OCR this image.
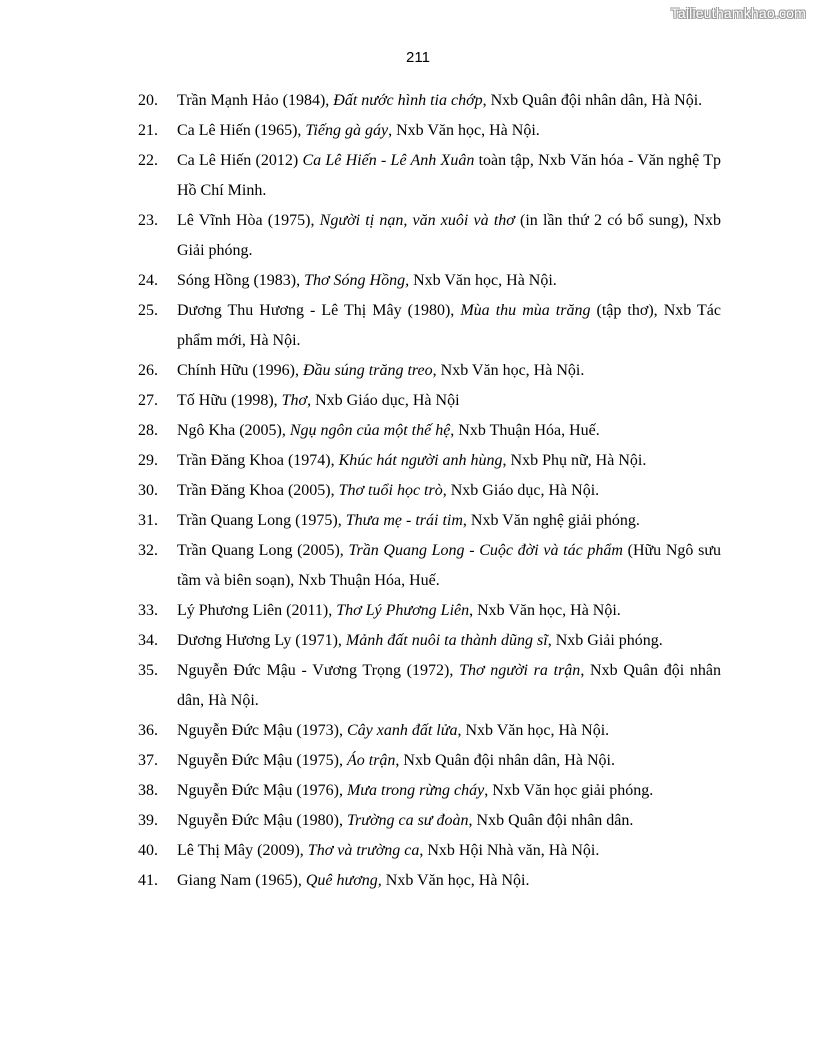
Tailieuthamkhao.com
211
20.	Trần Mạnh Hảo (1984), Đất nước hình tia chớp, Nxb Quân đội nhân dân, Hà Nội.
21.	Ca Lê Hiến (1965), Tiếng gà gáy, Nxb Văn học, Hà Nội.
22.	Ca Lê Hiến (2012) Ca Lê Hiến - Lê Anh Xuân toàn tập, Nxb Văn hóa - Văn nghệ Tp Hồ Chí Minh.
23.	Lê Vĩnh Hòa (1975), Người tị nạn, văn xuôi và thơ (in lần thứ 2 có bổ sung), Nxb Giải phóng.
24.	Sóng Hồng (1983), Thơ Sóng Hồng, Nxb Văn học, Hà Nội.
25.	Dương Thu Hương - Lê Thị Mây (1980), Mùa thu mùa trăng (tập thơ), Nxb Tác phẩm mới, Hà Nội.
26.	Chính Hữu (1996), Đầu súng trăng treo, Nxb Văn học, Hà Nội.
27.	Tố Hữu (1998), Thơ, Nxb Giáo dục, Hà Nội
28.	Ngô Kha (2005), Ngụ ngôn của một thế hệ, Nxb Thuận Hóa, Huế.
29.	Trần Đăng Khoa (1974), Khúc hát người anh hùng, Nxb Phụ nữ, Hà Nội.
30.	Trần Đăng Khoa (2005), Thơ tuổi học trò, Nxb Giáo dục, Hà Nội.
31.	Trần Quang Long (1975), Thưa mẹ - trái tim, Nxb Văn nghệ giải phóng.
32.	Trần Quang Long (2005), Trần Quang Long - Cuộc đời và tác phẩm (Hữu Ngô sưu tầm và biên soạn), Nxb Thuận Hóa, Huế.
33.	Lý Phương Liên (2011), Thơ Lý Phương Liên, Nxb Văn học, Hà Nội.
34.	Dương Hương Ly (1971), Mảnh đất nuôi ta thành dũng sĩ, Nxb Giải phóng.
35.	Nguyễn Đức Mậu - Vương Trọng (1972), Thơ người ra trận, Nxb Quân đội nhân dân, Hà Nội.
36.	Nguyễn Đức Mậu (1973), Cây xanh đất lửa, Nxb Văn học, Hà Nội.
37.	Nguyễn Đức Mậu (1975), Áo trận, Nxb Quân đội nhân dân, Hà Nội.
38.	Nguyễn Đức Mậu (1976), Mưa trong rừng cháy, Nxb Văn học giải phóng.
39.	Nguyễn Đức Mậu (1980), Trường ca sư đoàn, Nxb Quân đội nhân dân.
40.	Lê Thị Mây (2009), Thơ và trường ca, Nxb Hội Nhà văn, Hà Nội.
41.	Giang Nam (1965), Quê hương, Nxb Văn học, Hà Nội.
